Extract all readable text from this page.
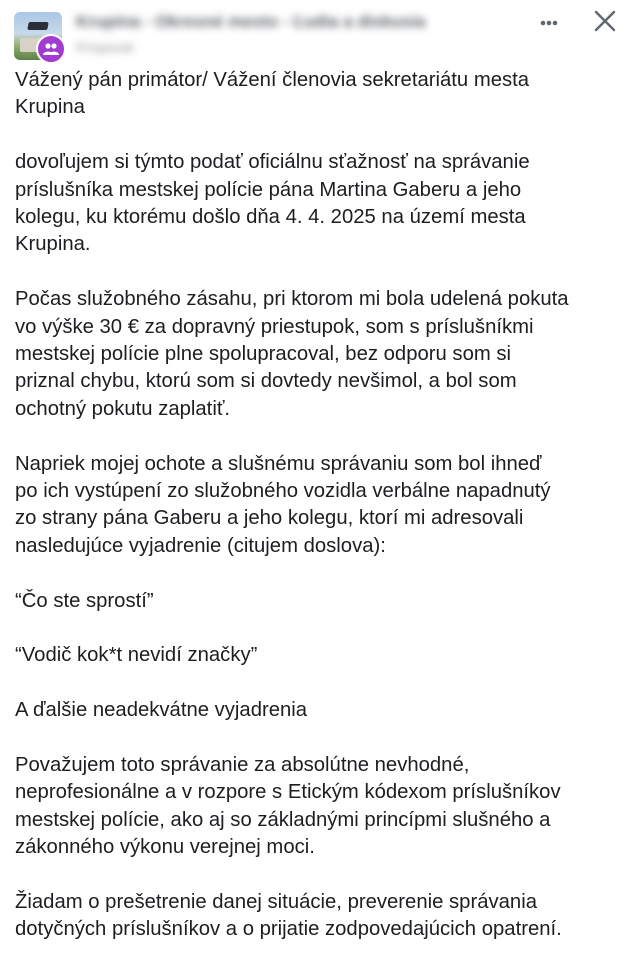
Krupina - Okresné mesto - Ľudia a diskusia
Príspevok

Vážený pán primátor/ Vážení členovia sekretariátu mesta
Krupina

dovoľujem si týmto podať oficiálnu sťažnosť na správanie
príslušníka mestskej polície pána Martina Gaberu a jeho
kolegu, ku ktorému došlo dňa 4. 4. 2025 na území mesta
Krupina.

Počas služobného zásahu, pri ktorom mi bola udelená pokuta
vo výške 30 € za dopravný priestupok, som s príslušníkmi
mestskej polície plne spolupracoval, bez odporu som si
priznal chybu, ktorú som si dovtedy nevšimol, a bol som
ochotný pokutu zaplatiť.

Napriek mojej ochote a slušnému správaniu som bol ihneď
po ich vystúpení zo služobného vozidla verbálne napadnutý
zo strany pána Gaberu a jeho kolegu, ktorí mi adresovali
nasledujúce vyjadrenie (citujem doslova):

“Čo ste sprostí”

“Vodič kok*t nevidí značky”

A ďalšie neadekvátne vyjadrenia

Považujem toto správanie za absolútne nevhodné,
neprofesionálne a v rozpore s Etickým kódexom príslušníkov
mestskej polície, ako aj so základnými princípmi slušného a
zákonného výkonu verejnej moci.

Žiadam o prešetrenie danej situácie, preverenie správania
dotyčných príslušníkov a o prijatie zodpovedajúcich opatrení.
